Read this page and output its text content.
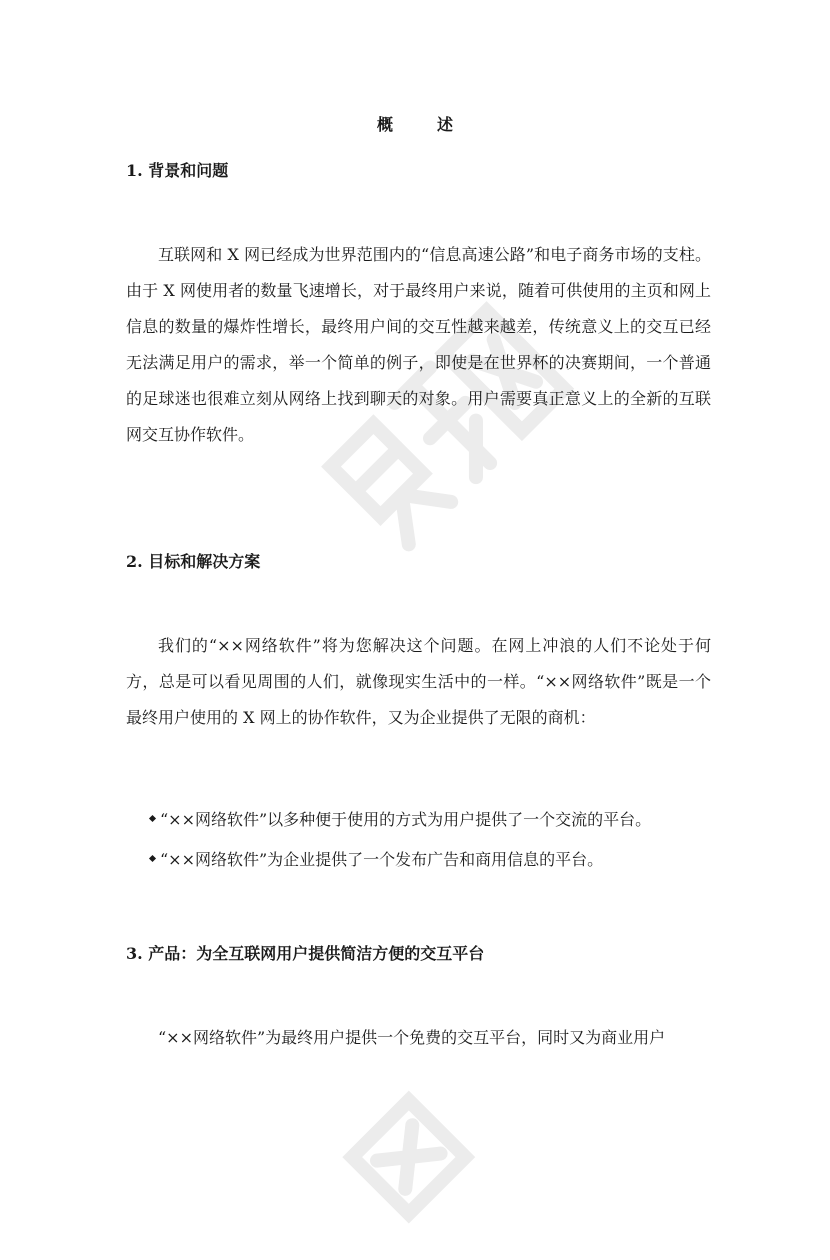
概　述
1. 背景和问题

互联网和 X 网已经成为世界范围内的“信息高速公路”和电子商务市场的支柱。由于 X 网使用者的数量飞速增长，对于最终用户来说，随着可供使用的主页和网上信息的数量的爆炸性增长，最终用户间的交互性越来越差，传统意义上的交互已经无法满足用户的需求，举一个简单的例子，即使是在世界杯的决赛期间，一个普通的足球迷也很难立刻从网络上找到聊天的对象。用户需要真正意义上的全新的互联网交互协作软件。

2. 目标和解决方案

我们的“××网络软件”将为您解决这个问题。在网上冲浪的人们不论处于何方，总是可以看见周围的人们，就像现实生活中的一样。“××网络软件”既是一个最终用户使用的 X 网上的协作软件，又为企业提供了无限的商机：

“××网络软件”以多种便于使用的方式为用户提供了一个交流的平台。
“××网络软件”为企业提供了一个发布广告和商用信息的平台。
3. 产品：为全互联网用户提供简洁方便的交互平台

“××网络软件”为最终用户提供一个免费的交互平台，同时又为商业用户
